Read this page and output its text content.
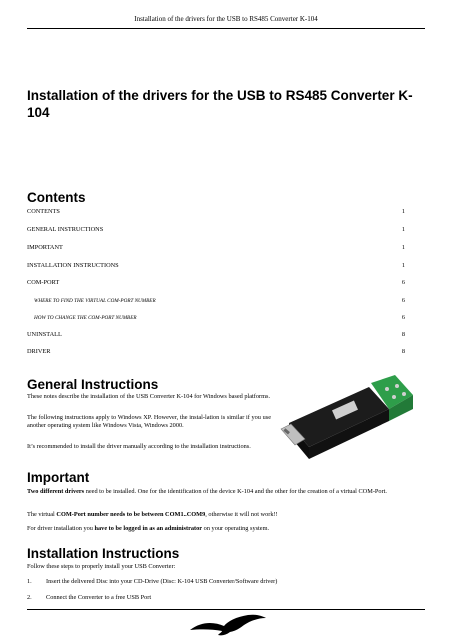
Installation of the drivers for the USB to RS485 Converter K-104
Installation of the drivers for the USB to RS485 Converter K-104
Contents
CONTENTS	1
GENERAL INSTRUCTIONS	1
IMPORTANT	1
INSTALLATION INSTRUCTIONS	1
COM-PORT	6
WHERE TO FIND THE VIRTUAL COM-PORT NUMBER	6
HOW TO CHANGE THE COM-PORT NUMBER	6
UNINSTALL	8
DRIVER	8
General Instructions
These notes describe the installation of the USB Converter K-104 for Windows based platforms.
The following instructions apply to Windows XP. However, the instal-lation is similar if you use another operating system like Windows Vista, Windows 2000.
It’s recommended to install the driver manually according to the installation instructions.
Important
Two different drivers need to be installed. One for the identification of the device K-104 and the other for the creation of a virtual COM-Port.
The virtual COM-Port number needs to be between COM1..COM9, otherwise it will not work!!
For driver installation you have to be logged in as an administrator on your operating system.
Installation Instructions
Follow these steps to properly install your USB Converter:
1. Insert the delivered Disc into your CD-Drive (Disc: K-104 USB Converter/Software driver)
2. Connect the Converter to a free USB Port
